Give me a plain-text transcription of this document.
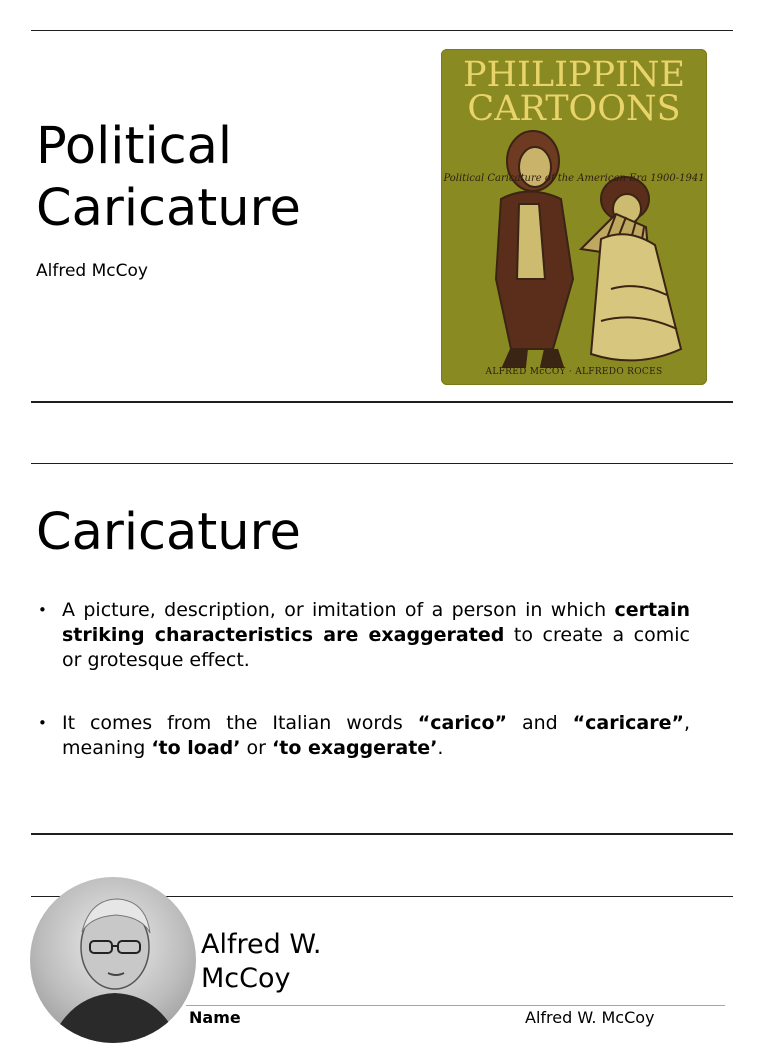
Political
Caricature
Alfred McCoy
PHILIPPINE
CARTOONS
Political Caricature of the American Era 1900-1941
ALFRED McCOY · ALFREDO ROCES
Caricature
• A picture, description, or imitation of a person in which certain striking characteristics are exaggerated to create a comic or grotesque effect.
• It comes from the Italian words “carico” and “caricare”, meaning ‘to load’ or ‘to exaggerate’.
Alfred W.
McCoy
Name	Alfred W. McCoy
